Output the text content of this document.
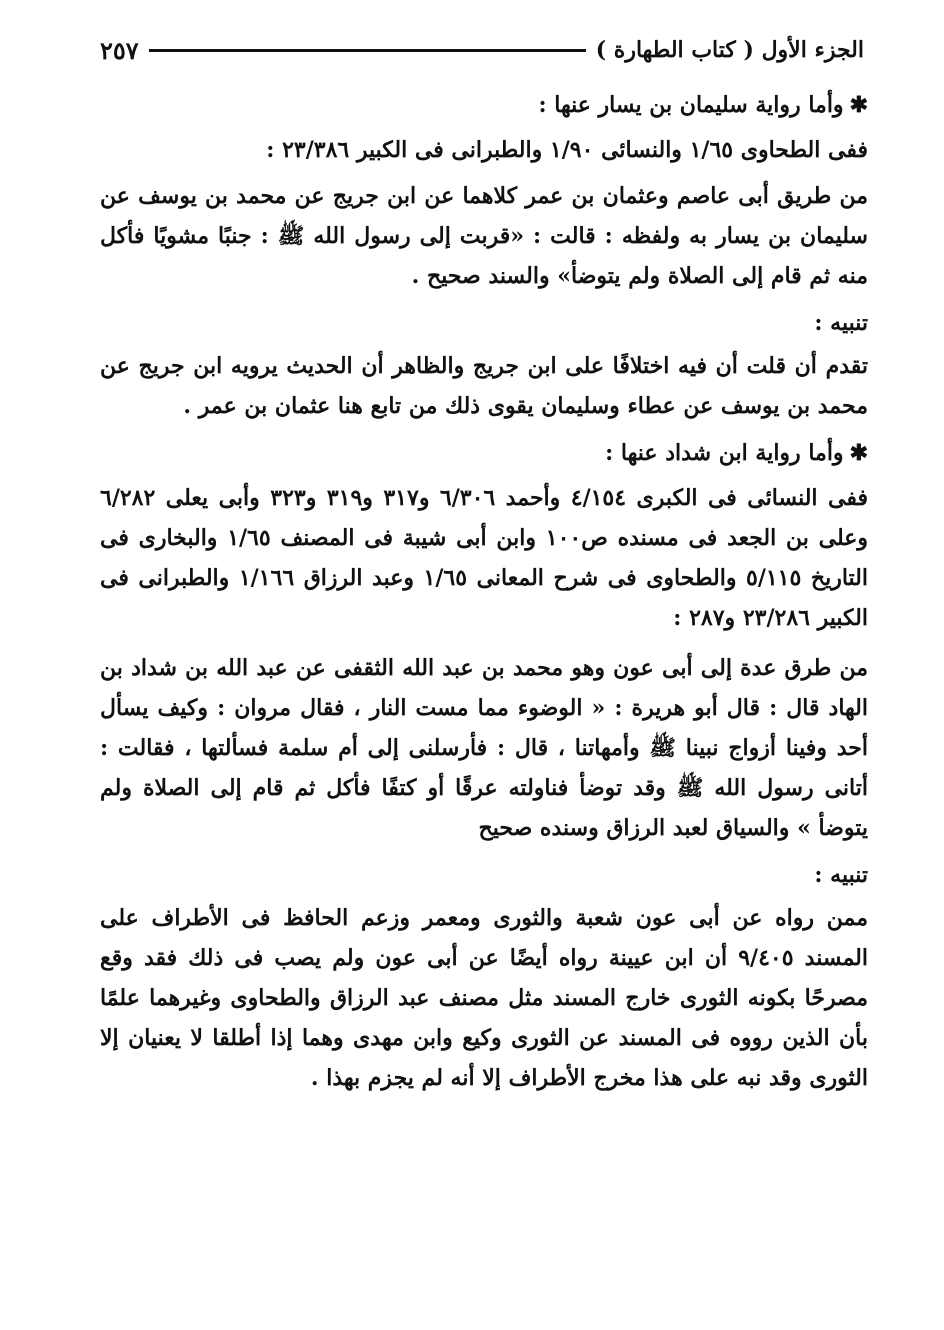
الجزء الأول ( كتاب الطهارة )
٢٥٧
✱وأما رواية سليمان بن يسار عنها :

ففى الطحاوى ١/٦٥ والنسائى ١/٩٠ والطبرانى فى الكبير ٢٣/٣٨٦ :

من طريق أبى عاصم وعثمان بن عمر كلاهما عن ابن جريج عن محمد بن يوسف عن سليمان بن يسار به ولفظه : قالت : «قربت إلى رسول الله ﷺ : جنبًا مشويًا فأكل منه ثم قام إلى الصلاة ولم يتوضأ» والسند صحيح .

تنبيه :

تقدم أن قلت أن فيه اختلافًا على ابن جريج والظاهر أن الحديث يرويه ابن جريج عن محمد بن يوسف عن عطاء وسليمان يقوى ذلك من تابع هنا عثمان بن عمر .

✱وأما رواية ابن شداد عنها :

ففى النسائى فى الكبرى ٤/١٥٤ وأحمد ٦/٣٠٦ و٣١٧ و٣١٩ و٣٢٣ وأبى يعلى ٦/٢٨٢ وعلى بن الجعد فى مسنده ص١٠٠ وابن أبى شيبة فى المصنف ١/٦٥ والبخارى فى التاريخ ٥/١١٥ والطحاوى فى شرح المعانى ١/٦٥ وعبد الرزاق ١/١٦٦ والطبرانى فى الكبير ٢٣/٢٨٦ و٢٨٧ :

من طرق عدة إلى أبى عون وهو محمد بن عبد الله الثقفى عن عبد الله بن شداد بن الهاد قال : قال أبو هريرة : « الوضوء مما مست النار ، فقال مروان : وكيف يسأل أحد وفينا أزواج نبينا ﷺ وأمهاتنا ، قال : فأرسلنى إلى أم سلمة فسألتها ، فقالت : أتانى رسول الله ﷺ وقد توضأ فناولته عرقًا أو كتفًا فأكل ثم قام إلى الصلاة ولم يتوضأ » والسياق لعبد الرزاق وسنده صحيح

تنبيه :

ممن رواه عن أبى عون شعبة والثورى ومعمر وزعم الحافظ فى الأطراف على المسند ٩/٤٠٥ أن ابن عيينة رواه أيضًا عن أبى عون ولم يصب فى ذلك فقد وقع مصرحًا بكونه الثورى خارج المسند مثل مصنف عبد الرزاق والطحاوى وغيرهما علمًا بأن الذين رووه فى المسند عن الثورى وكيع وابن مهدى وهما إذا أطلقا لا يعنيان إلا الثورى وقد نبه على هذا مخرج الأطراف إلا أنه لم يجزم بهذا .
